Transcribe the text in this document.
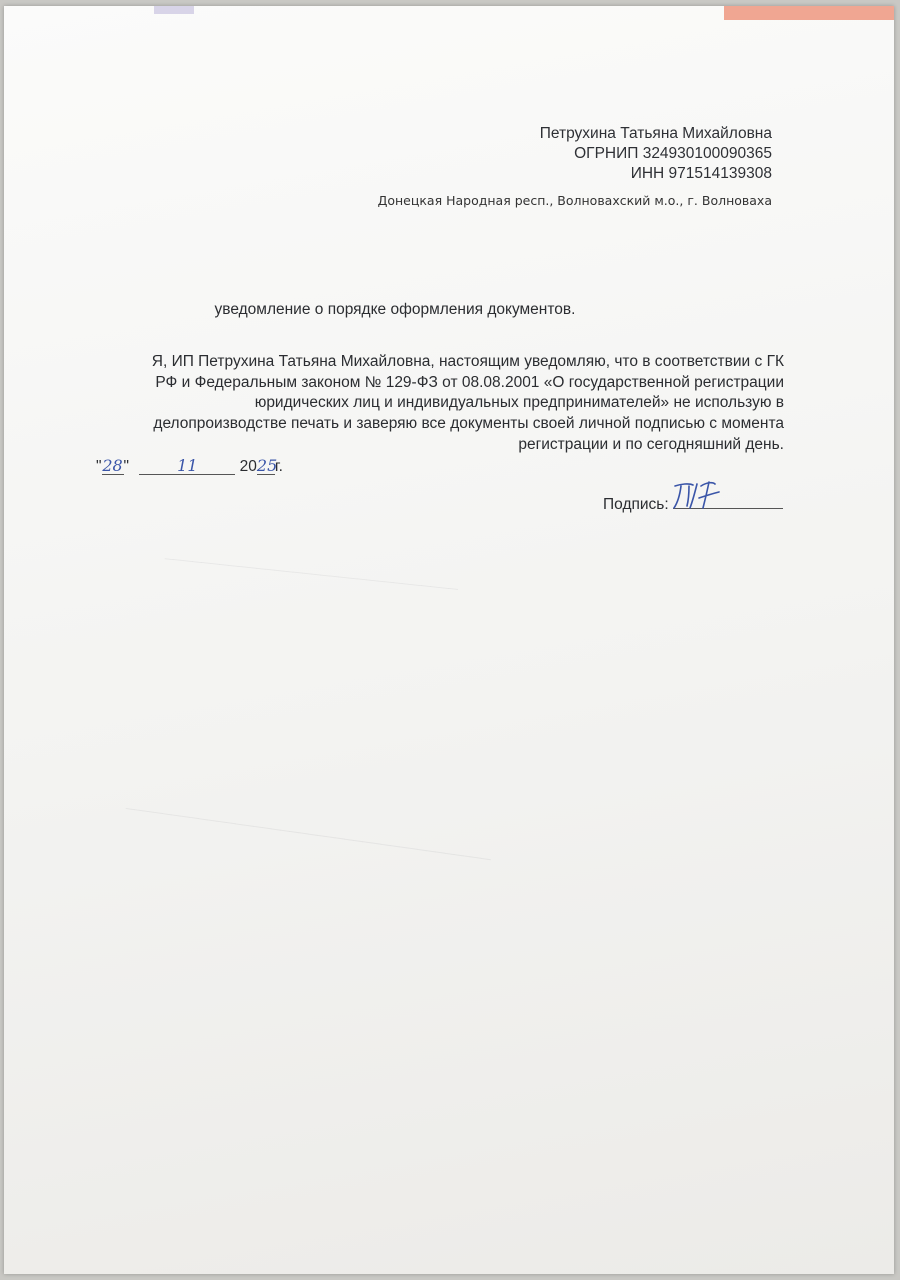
────────────────────────────────
────────────────────────────────────────
Петрухина Татьяна Михайловна
ОГРНИП 324930100090365
ИНН 971514139308
Донецкая Народная респ., Волновахский м.о., г. Волноваха
уведомление о порядке оформления документов.
Я, ИП Петрухина Татьяна Михайловна, настоящим уведомляю, что в соответствии с ГК
РФ и Федеральным законом № 129-ФЗ от 08.08.2001 «О государственной регистрации
юридических лиц и индивидуальных предпринимателей» не использую в
делопроизводстве печать и заверяю все документы своей личной подписью с момента
регистрации и по сегодняшний день.
"28"	11	2025г.
Подпись:
